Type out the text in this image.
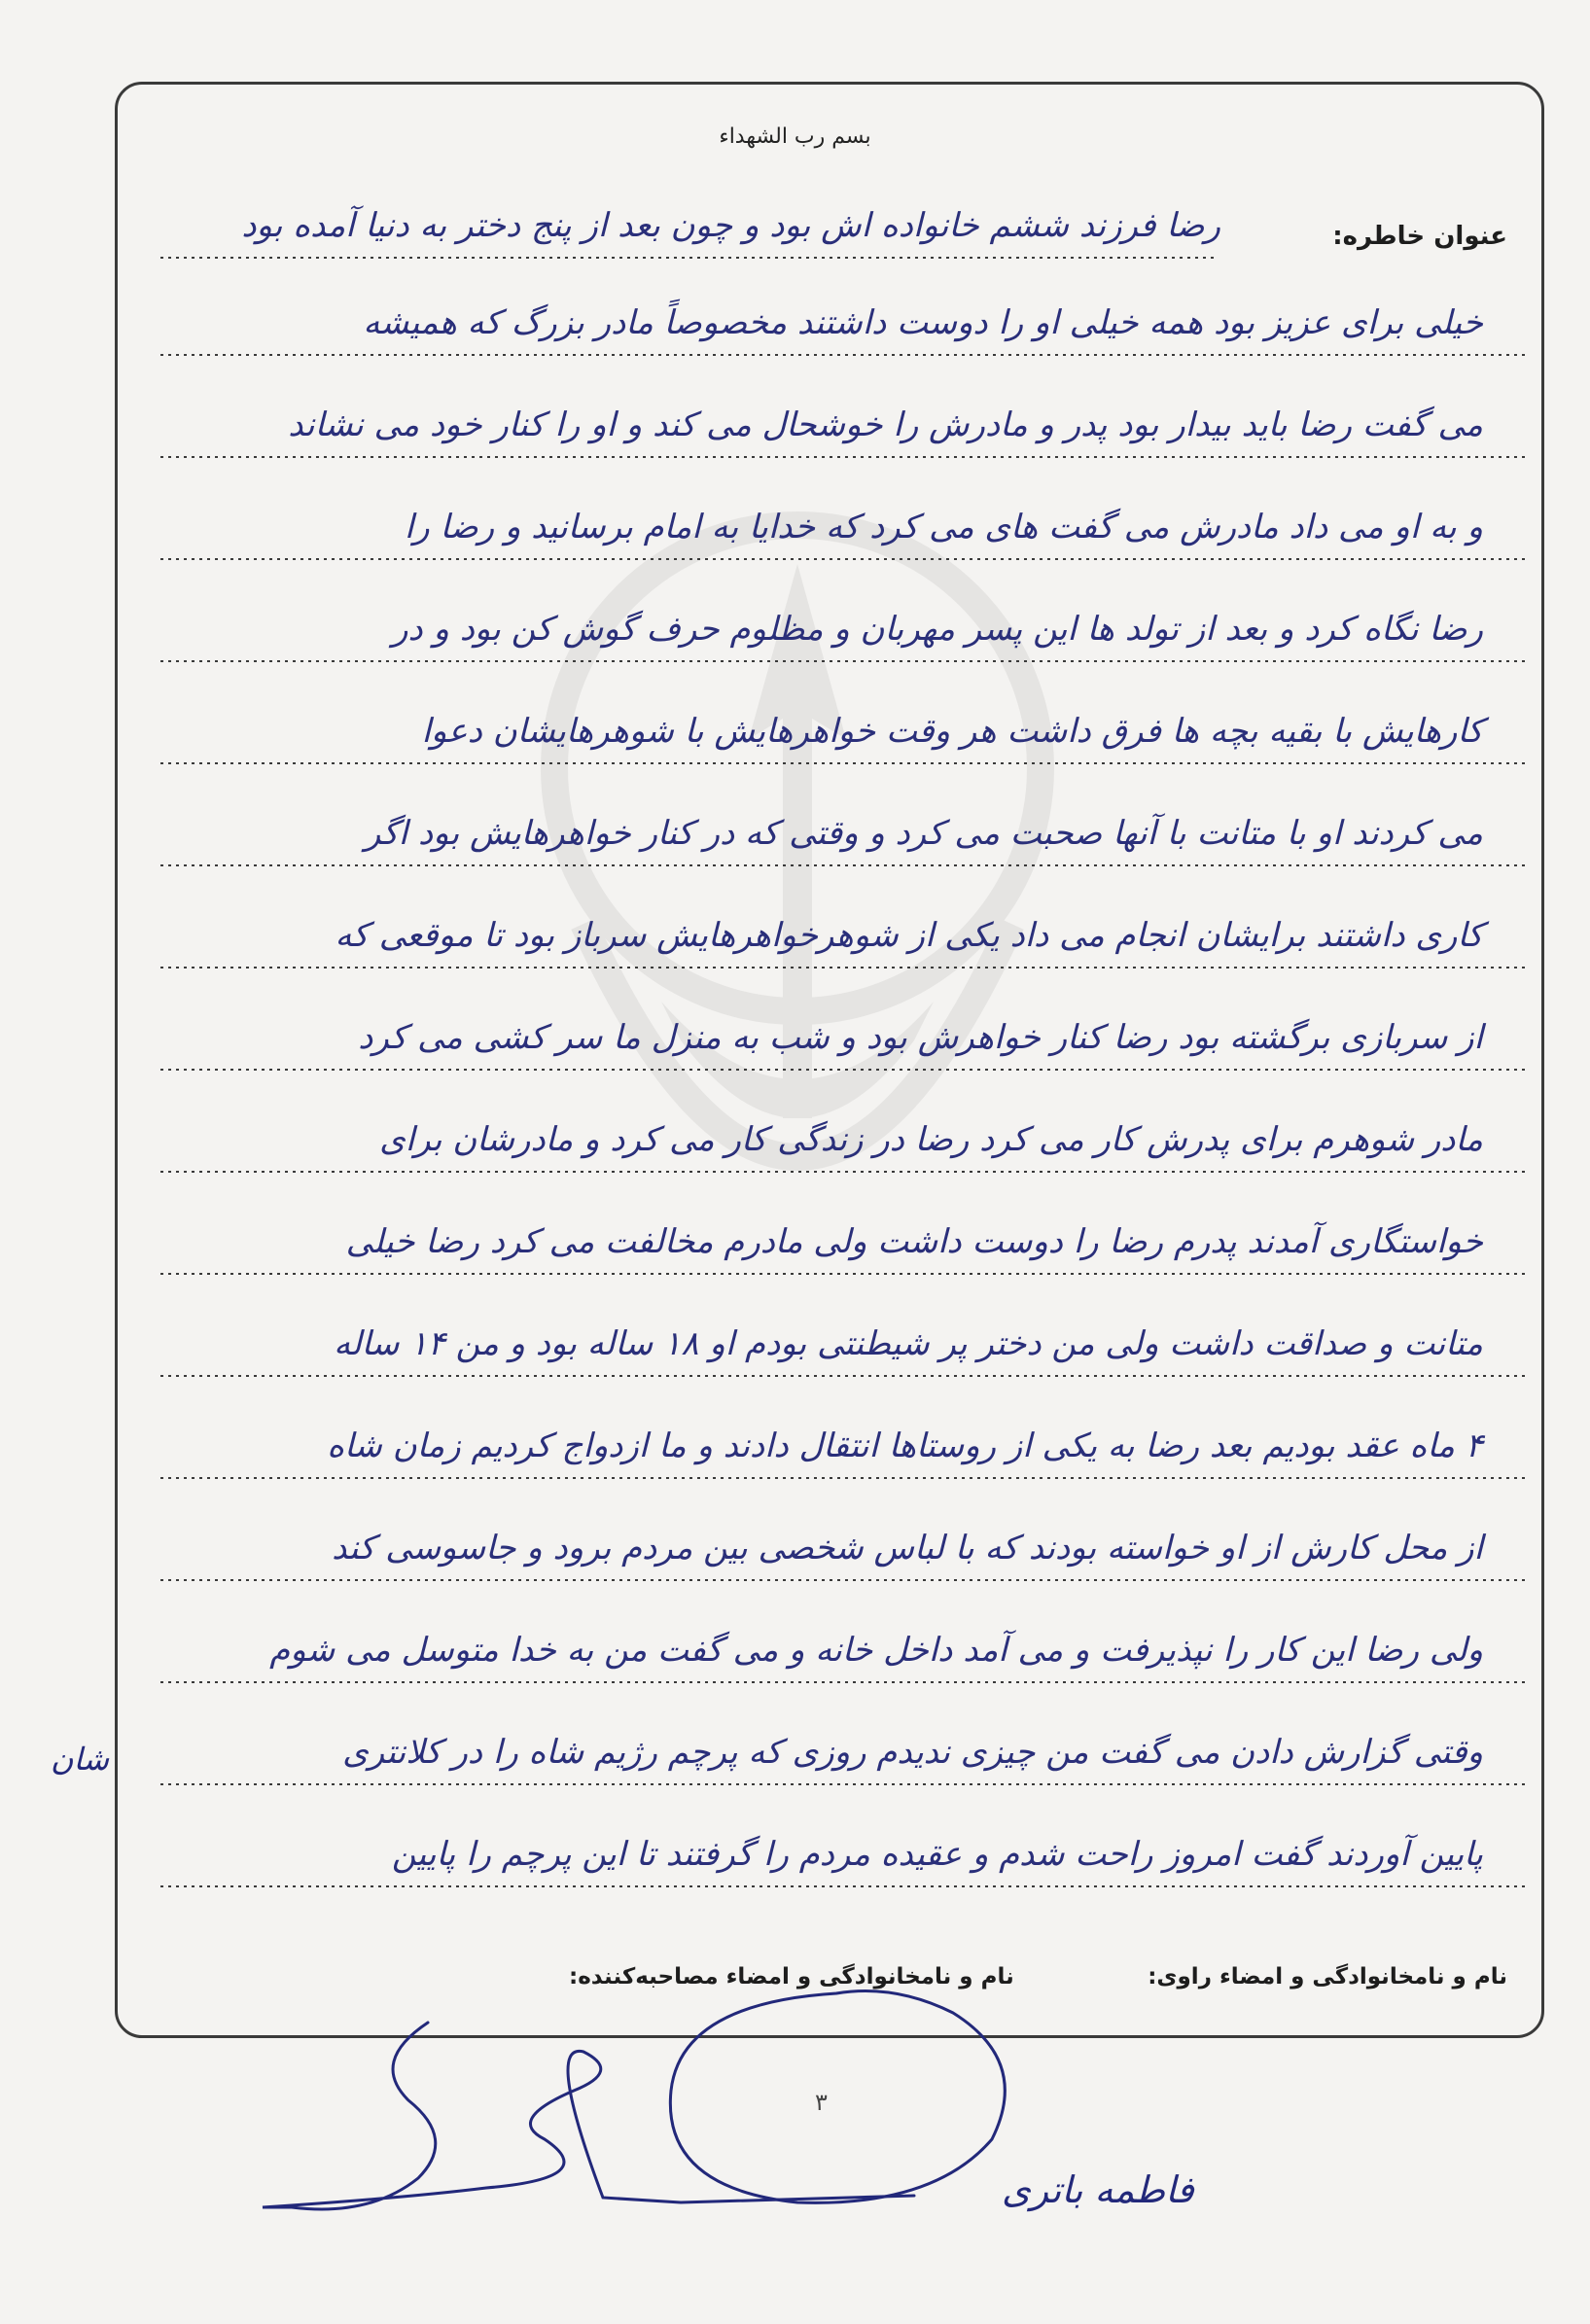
بسم رب الشهداء
عنوان خاطره:
رضا فرزند ششم خانواده اش بود و چون بعد از پنج دختر به دنیا آمده بود
خیلی برای عزیز بود همه خیلی او را دوست داشتند مخصوصاً مادر بزرگ که همیشه
می گفت رضا باید بیدار بود پدر و مادرش را خوشحال می کند و او را کنار خود می نشاند
و به او می داد مادرش می گفت های می کرد که خدایا به امام برسانید و رضا را
رضا نگاه کرد و بعد از تولد ها این پسر مهربان و مظلوم حرف گوش کن بود و در
کارهایش با بقیه بچه ها فرق داشت هر وقت خواهرهایش با شوهرهایشان دعوا
می کردند او با متانت با آنها صحبت می کرد و وقتی که در کنار خواهرهایش بود اگر
کاری داشتند برایشان انجام می داد یکی از شوهرخواهرهایش سرباز بود تا موقعی که
از سربازی برگشته بود رضا کنار خواهرش بود و شب به منزل ما سر کشی می کرد
مادر شوهرم برای پدرش کار می کرد رضا در زندگی کار می کرد و مادرشان برای
خواستگاری آمدند پدرم رضا را دوست داشت ولی مادرم مخالفت می کرد رضا خیلی
متانت و صداقت داشت ولی من دختر پر شیطنتی بودم او ۱۸ ساله بود و من ۱۴ ساله
۴ ماه عقد بودیم بعد رضا به یکی از روستاها انتقال دادند و ما ازدواج کردیم زمان شاه
از محل کارش از او خواسته بودند که با لباس شخصی بین مردم برود و جاسوسی کند
ولی رضا این کار را نپذیرفت و می آمد داخل خانه و می گفت من به خدا متوسل می شوم
وقتی گزارش دادن می گفت من چیزی ندیدم روزی که پرچم رژیم شاه را در کلانتری
پایین آوردند گفت امروز راحت شدم و عقیده مردم را گرفتند تا این پرچم را پایین
شان
نام و نامخانوادگی و امضاء راوی:
نام و نامخانوادگی و امضاء مصاحبه‌کننده:
۳
فاطمه باتری
